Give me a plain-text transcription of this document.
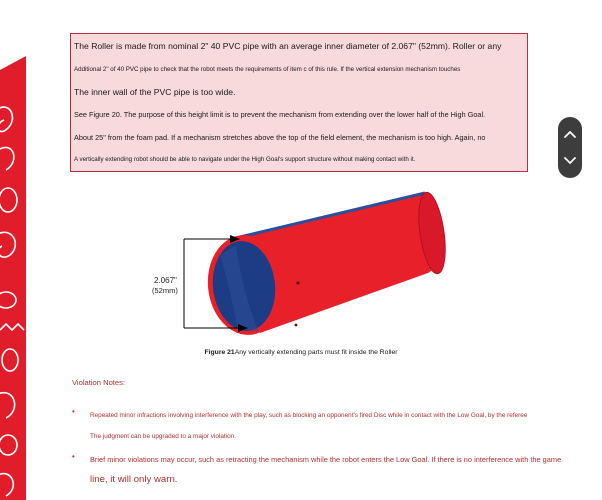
The Roller is made from nominal 2" 40 PVC pipe with an average inner diameter of 2.067" (52mm). Roller or any
Additional 2" of 40 PVC pipe to check that the robot meets the requirements of item c of this rule. If the vertical extension mechanism touches
The inner wall of the PVC pipe is too wide.
See Figure 20. The purpose of this height limit is to prevent the mechanism from extending over the lower half of the High Goal.
About 25" from the foam pad. If a mechanism stretches above the top of the field element, the mechanism is too high. Again, no
A vertically extending robot should be able to navigate under the High Goal's support structure without making contact with it.
2.067"
(52mm)
Figure 21Any vertically extending parts must fit inside the Roller
Violation Notes:
• Repeated minor infractions involving interference with the play, such as blocking an opponent's fired Disc while in contact with the Low Goal, by the referee
The judgment can be upgraded to a major violation.
• Brief minor violations may occur, such as retracting the mechanism while the robot enters the Low Goal. If there is no interference with the game
line, it will only warn.
